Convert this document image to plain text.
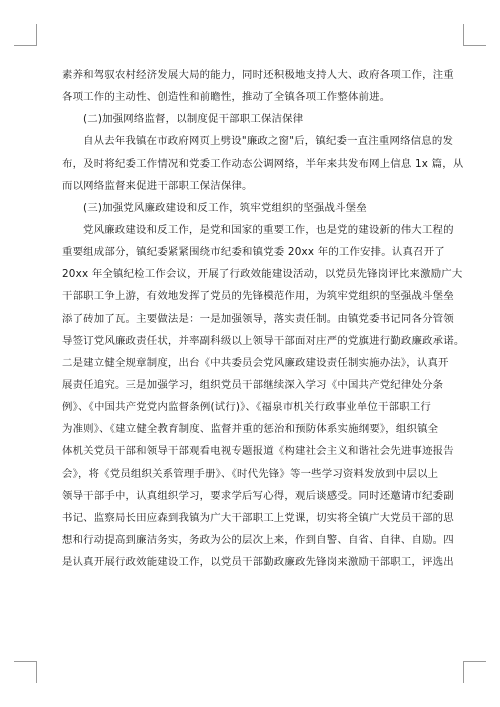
素养和驾驭农村经济发展大局的能力，同时还积极地支持人大、政府各项工作，注重
各项工作的主动性、创造性和前瞻性，推动了全镇各项工作整体前进。
(二)加强网络监督，以制度促干部职工保洁保律
自从去年我镇在市政府网页上劈设"廉政之窗"后，镇纪委一直注重网络信息的发
布，及时将纪委工作情况和党委工作动态公调网络，半年来共发布网上信息 1x 篇，从
而以网络监督来促进干部职工保洁保律。
(三)加强党风廉政建设和反工作，筑牢党组织的坚强战斗堡垒
党风廉政建设和反工作，是党和国家的重要工作，也是党的建设新的伟大工程的
重要组成部分，镇纪委紧紧围绕市纪委和镇党委 20xx 年的工作安排。认真召开了
20xx 年全镇纪检工作会议，开展了行政效能建设活动，以党员先锋岗评比来激励广大
干部职工争上游，有效地发挥了党员的先锋模范作用，为筑牢党组织的坚强战斗堡垒
添了砖加了瓦。主要做法是：一是加强领导，落实责任制。由镇党委书记同各分管领
导签订党风廉政责任状，并率副科级以上领导干部面对庄严的党旗进行勤政廉政承诺。
二是建立健全规章制度，出台《中共委员会党风廉政建设责任制实施办法》，认真开
展责任追究。三是加强学习，组织党员干部继续深入学习《中国共产党纪律处分条
例》、《中国共产党党内监督条例(试行)》、《福泉市机关行政事业单位干部职工行
为准则》、《建立健全教育制度、监督并重的惩治和预防体系实施纲要》，组织镇全
体机关党员干部和领导干部观看电视专题报道《构建社会主义和谐社会先进事迹报告
会》，将《党员组织关系管理手册》、《时代先锋》等一些学习资料发放到中层以上
领导干部手中，认真组织学习，要求学后写心得，观后谈感受。同时还邀请市纪委副
书记、监察局长田应森到我镇为广大干部职工上党课，切实将全镇广大党员干部的思
想和行动提高到廉洁务实，务政为公的层次上来，作到自警、自省、自律、自励。四
是认真开展行政效能建设工作，以党员干部勤政廉政先锋岗来激励干部职工，评选出
